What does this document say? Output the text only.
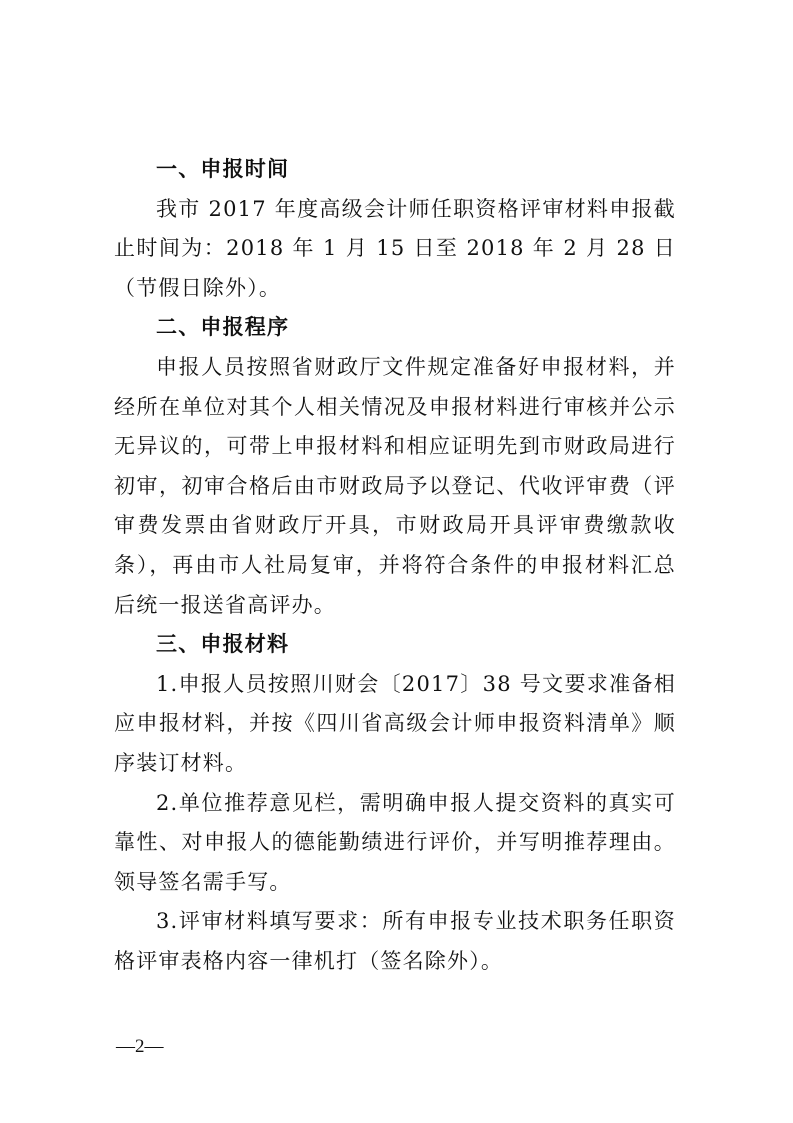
一、申报时间

我市 2017 年度高级会计师任职资格评审材料申报截止时间为：2018 年 1 月 15 日至 2018 年 2 月 28 日（节假日除外）。

二、申报程序

申报人员按照省财政厅文件规定准备好申报材料，并经所在单位对其个人相关情况及申报材料进行审核并公示无异议的，可带上申报材料和相应证明先到市财政局进行初审，初审合格后由市财政局予以登记、代收评审费（评审费发票由省财政厅开具，市财政局开具评审费缴款收条），再由市人社局复审，并将符合条件的申报材料汇总后统一报送省高评办。

三、申报材料

1.申报人员按照川财会〔2017〕38 号文要求准备相应申报材料，并按《四川省高级会计师申报资料清单》顺序装订材料。

2.单位推荐意见栏，需明确申报人提交资料的真实可靠性、对申报人的德能勤绩进行评价，并写明推荐理由。领导签名需手写。

3.评审材料填写要求：所有申报专业技术职务任职资格评审表格内容一律机打（签名除外）。

—2—
